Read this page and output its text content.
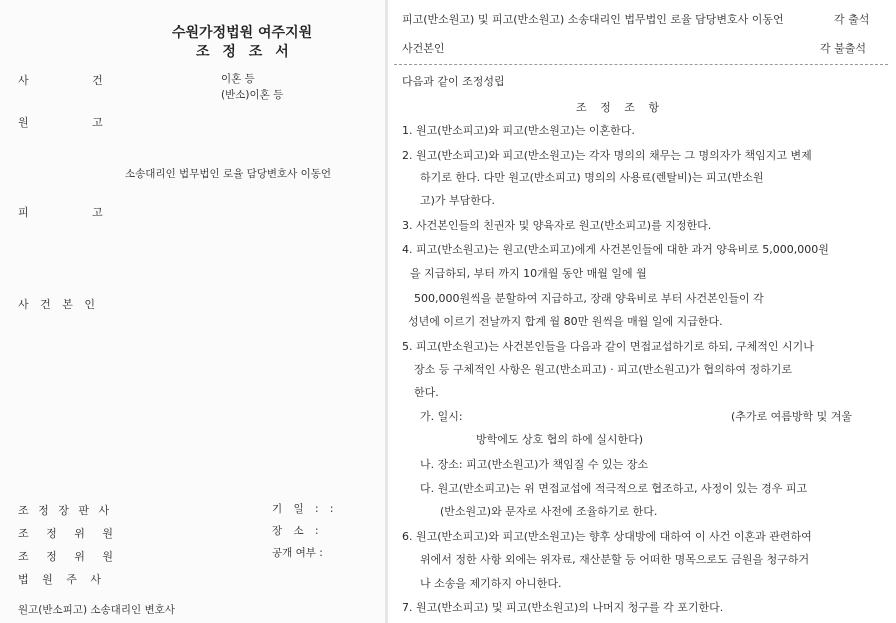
수원가정법원 여주지원
조 정 조 서
사 건	이혼 등
(반소)이혼 등
원 고
소송대리인 법무법인 로율 담당변호사 이동언
피 고
사 건 본 인
조 정 장 판 사
조 정 위 원
조 정 위 원
법 원 주 사
기 일 : :
장 소 :
공개 여부 :
원고(반소피고) 소송대리인 변호사
피고(반소원고) 및 피고(반소원고) 소송대리인 법무법인 로율 담당변호사 이동언	각 출석
사건본인	각 불출석
다음과 같이 조정성립
조 정 조 항
1. 원고(반소피고)와 피고(반소원고)는 이혼한다.
2. 원고(반소피고)와 피고(반소원고)는 각자 명의의 채무는 그 명의자가 책임지고 변제
하기로 한다. 다만 원고(반소피고) 명의의 사용료(렌탈비)는 피고(반소원
고)가 부담한다.
3. 사건본인들의 친권자 및 양육자로 원고(반소피고)를 지정한다.
4. 피고(반소원고)는 원고(반소피고)에게 사건본인들에 대한 과거 양육비로 5,000,000원
을 지급하되, 부터 까지 10개월 동안 매월 일에 월
500,000원씩을 분할하여 지급하고, 장래 양육비로 부터 사건본인들이 각
성년에 이르기 전날까지 합계 월 80만 원씩을 매월 일에 지급한다.
5. 피고(반소원고)는 사건본인들을 다음과 같이 면접교섭하기로 하되, 구체적인 시기나
장소 등 구체적인 사항은 원고(반소피고) · 피고(반소원고)가 협의하여 정하기로
한다.
가. 일시:	(추가로 여름방학 및 겨울
방학에도 상호 협의 하에 실시한다)
나. 장소: 피고(반소원고)가 책임질 수 있는 장소
다. 원고(반소피고)는 위 면접교섭에 적극적으로 협조하고, 사정이 있는 경우 피고
(반소원고)와 문자로 사전에 조율하기로 한다.
6. 원고(반소피고)와 피고(반소원고)는 향후 상대방에 대하여 이 사건 이혼과 관련하여
위에서 정한 사항 외에는 위자료, 재산분할 등 어떠한 명목으로도 금원을 청구하거
나 소송을 제기하지 아니한다.
7. 원고(반소피고) 및 피고(반소원고)의 나머지 청구를 각 포기한다.
